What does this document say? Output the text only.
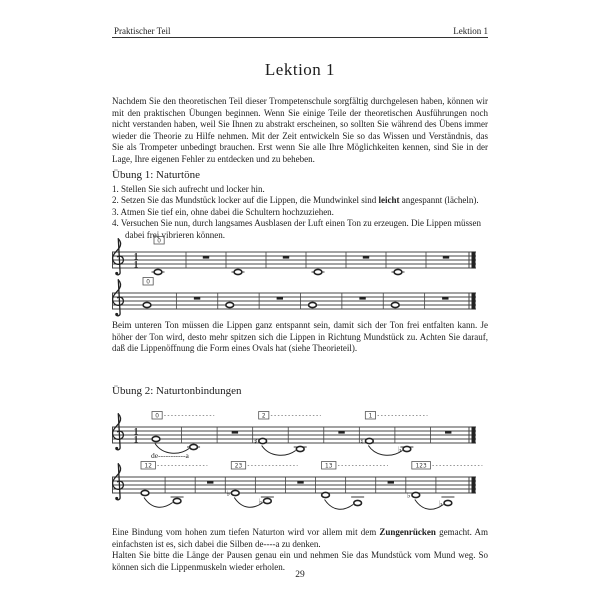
Praktischer Teil	Lektion 1
Lektion 1
Nachdem Sie den theoretischen Teil dieser Trompetenschule sorgfältig durchgelesen haben, können wir mit den praktischen Übungen beginnen. Wenn Sie einige Teile der theoretischen Ausführungen noch nicht verstanden haben, weil Sie Ihnen zu abstrakt erscheinen, so sollten Sie während des Übens immer wieder die Theorie zu Hilfe nehmen. Mit der Zeit entwickeln Sie so das Wissen und Verständnis, das Sie als Trompeter unbedingt brauchen. Erst wenn Sie alle Ihre Möglichkeiten kennen, sind Sie in der Lage, Ihre eigenen Fehler zu entdecken und zu beheben.
Übung 1: Naturtöne
1. Stellen Sie sich aufrecht und locker hin.
2. Setzen Sie das Mundstück locker auf die Lippen, die Mundwinkel sind leicht angespannt (lächeln).
3. Atmen Sie tief ein, ohne dabei die Schultern hochzuziehen.
4. Versuchen Sie nun, durch langsames Ausblasen der Luft einen Ton zu erzeugen. Die Lippen müssen dabei frei vibrieren können.
1
1
0
0
Beim unteren Ton müssen die Lippen ganz entspannt sein, damit sich der Ton frei entfalten kann. Je höher der Ton wird, desto mehr spitzen sich die Lippen in Richtung Mundstück zu. Achten Sie darauf, daß die Lippenöffnung die Form eines Ovals hat (siehe Theorieteil).
Übung 2: Naturtonbindungen
1
1
0
de-----------a
♯
2
♮
♭
1
12
♭
♭
23	13
♭
♭
123
Eine Bindung vom hohen zum tiefen Naturton wird vor allem mit dem Zungenrücken gemacht. Am einfachsten ist es, sich dabei die Silben de----a zu denken.
Halten Sie bitte die Länge der Pausen genau ein und nehmen Sie das Mundstück vom Mund weg. So können sich die Lippenmuskeln wieder erholen.
29
